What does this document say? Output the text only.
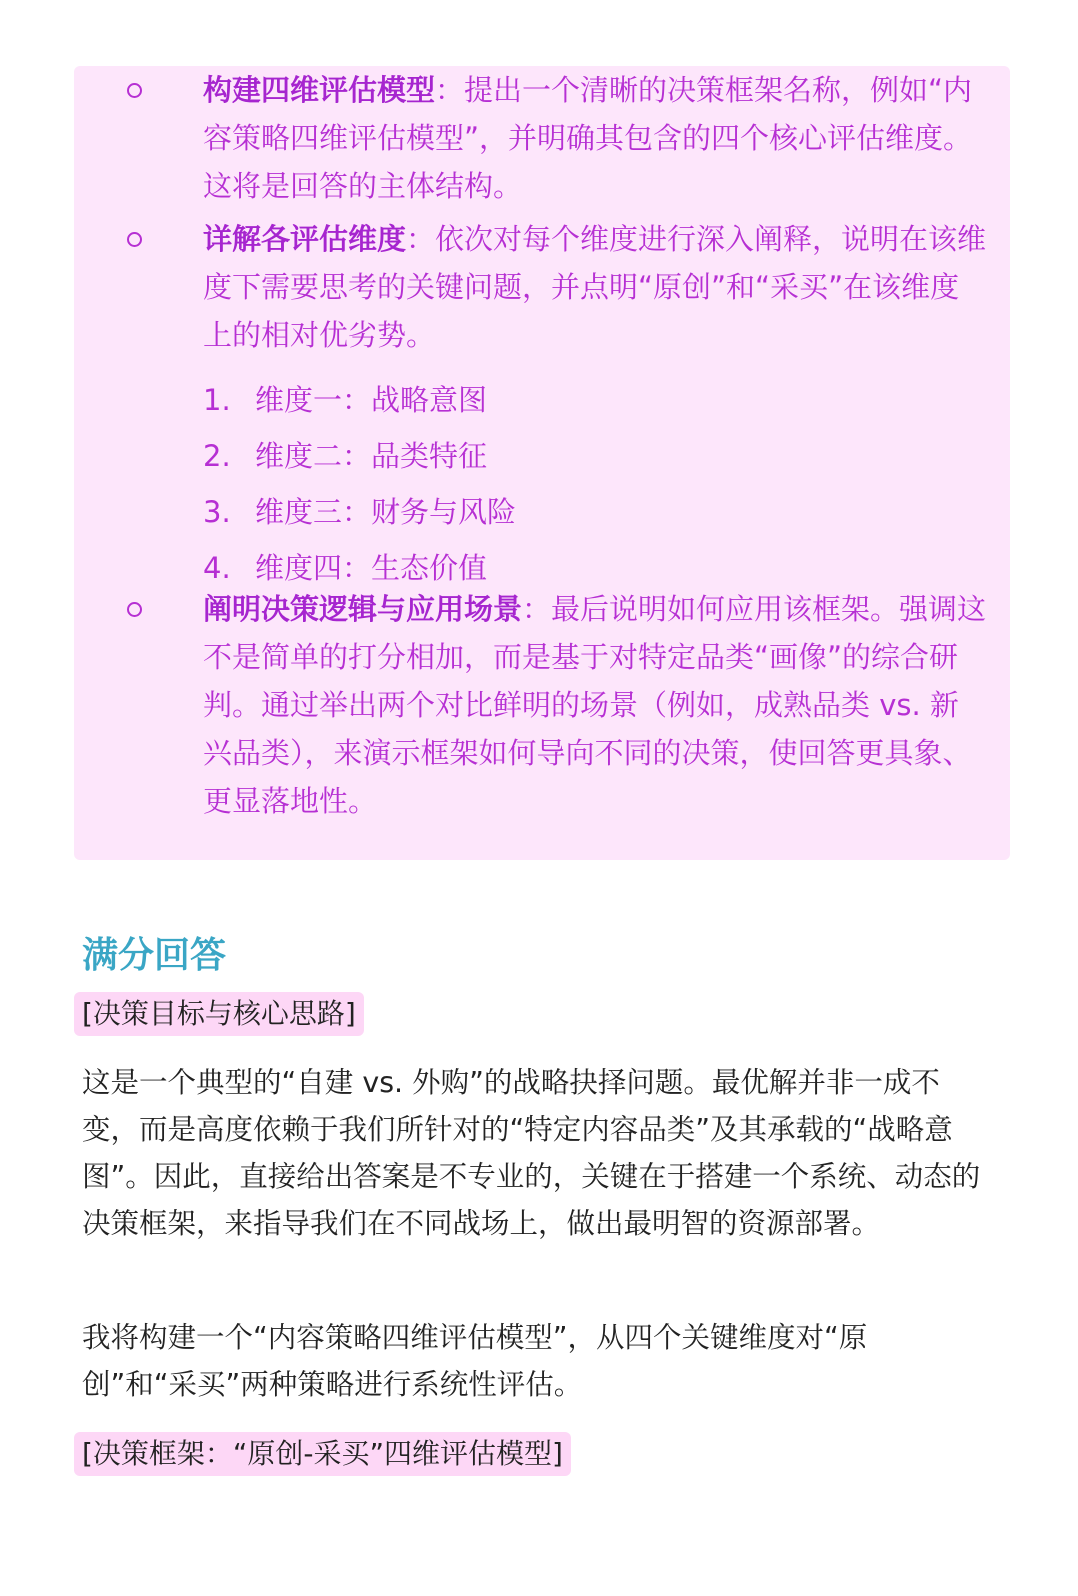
构建四维评估模型：提出一个清晰的决策框架名称，例如“内容策略四维评估模型”，并明确其包含的四个核心评估维度。这将是回答的主体结构。
详解各评估维度：依次对每个维度进行深入阐释，说明在该维度下需要思考的关键问题，并点明“原创”和“采买”在该维度上的相对优劣势。
1. 维度一：战略意图
2. 维度二：品类特征
3. 维度三：财务与风险
4. 维度四：生态价值
阐明决策逻辑与应用场景：最后说明如何应用该框架。强调这不是简单的打分相加，而是基于对特定品类“画像”的综合研判。通过举出两个对比鲜明的场景（例如，成熟品类 vs. 新兴品类），来演示框架如何导向不同的决策，使回答更具象、更显落地性。
满分回答
[决策目标与核心思路]

这是一个典型的“自建 vs. 外购”的战略抉择问题。最优解并非一成不变，而是高度依赖于我们所针对的“特定内容品类”及其承载的“战略意图”。因此，直接给出答案是不专业的，关键在于搭建一个系统、动态的决策框架，来指导我们在不同战场上，做出最明智的资源部署。

我将构建一个“内容策略四维评估模型”，从四个关键维度对“原创”和“采买”两种策略进行系统性评估。

[决策框架：“原创-采买”四维评估模型]
